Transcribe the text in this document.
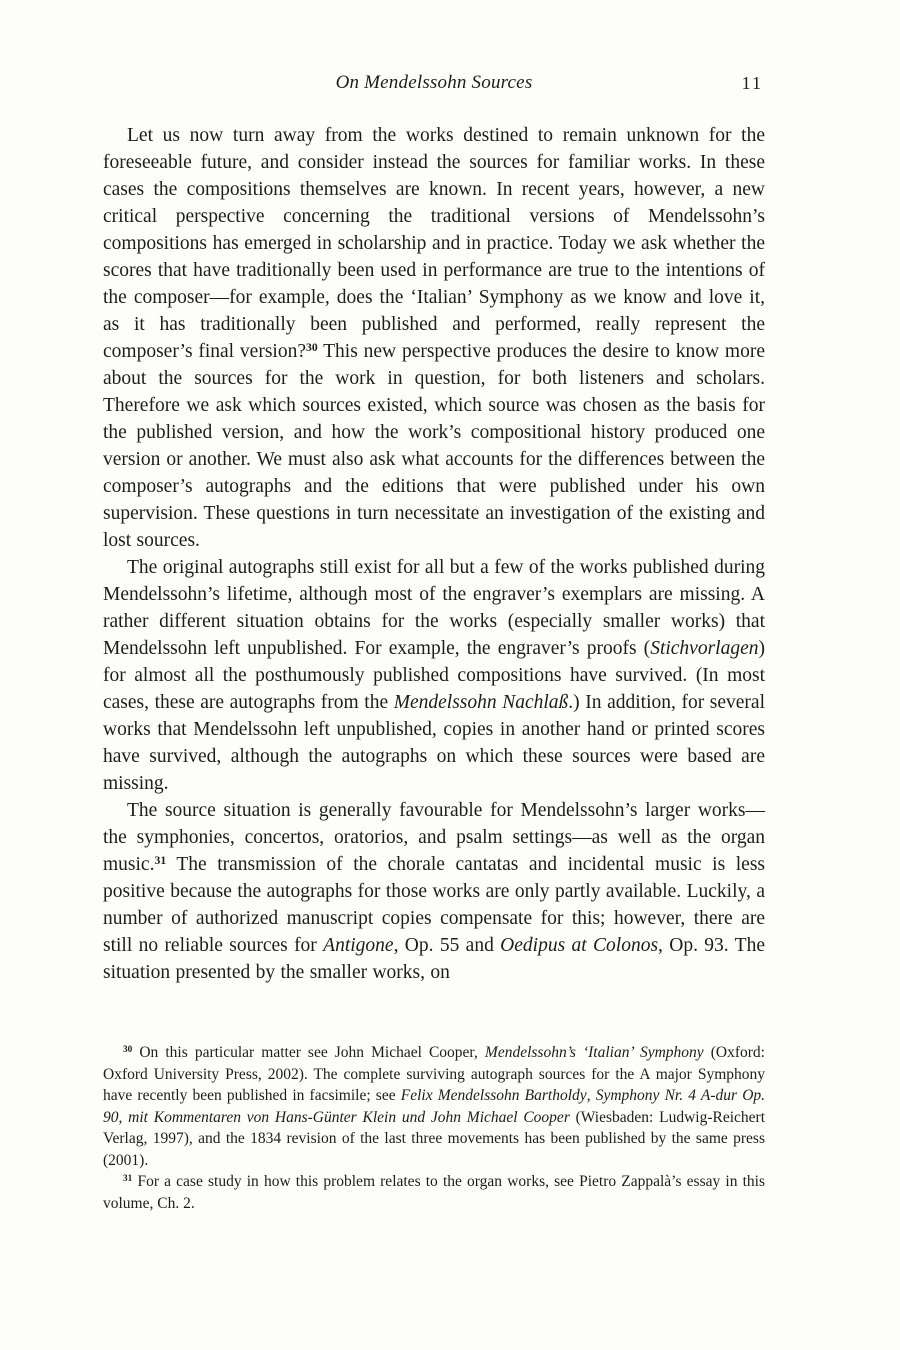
On Mendelssohn Sources	11

Let us now turn away from the works destined to remain unknown for the foreseeable future, and consider instead the sources for familiar works. In these cases the compositions themselves are known. In recent years, however, a new critical perspective concerning the traditional versions of Mendelssohn’s compositions has emerged in scholarship and in practice. Today we ask whether the scores that have traditionally been used in performance are true to the intentions of the composer—for example, does the ‘Italian’ Symphony as we know and love it, as it has traditionally been published and performed, really represent the composer’s final version?$^{30}$ This new perspective produces the desire to know more about the sources for the work in question, for both listeners and scholars. Therefore we ask which sources existed, which source was chosen as the basis for the published version, and how the work’s compositional history produced one version or another. We must also ask what accounts for the differences between the composer’s autographs and the editions that were published under his own supervision. These questions in turn necessitate an investigation of the existing and lost sources.

The original autographs still exist for all but a few of the works published during Mendelssohn’s lifetime, although most of the engraver’s exemplars are missing. A rather different situation obtains for the works (especially smaller works) that Mendelssohn left unpublished. For example, the engraver’s proofs (Stichvorlagen) for almost all the posthumously published compositions have survived. (In most cases, these are autographs from the Mendelssohn Nachlaß.) In addition, for several works that Mendelssohn left unpublished, copies in another hand or printed scores have survived, although the autographs on which these sources were based are missing.

The source situation is generally favourable for Mendelssohn’s larger works—the symphonies, concertos, oratorios, and psalm settings—as well as the organ music.$^{31}$ The transmission of the chorale cantatas and incidental music is less positive because the autographs for those works are only partly available. Luckily, a number of authorized manuscript copies compensate for this; however, there are still no reliable sources for Antigone, Op. 55 and Oedipus at Colonos, Op. 93. The situation presented by the smaller works, on

$^{30}$ On this particular matter see John Michael Cooper, Mendelssohn’s ‘Italian’ Symphony (Oxford: Oxford University Press, 2002). The complete surviving autograph sources for the A major Symphony have recently been published in facsimile; see Felix Mendelssohn Bartholdy, Symphony Nr. 4 A-dur Op. 90, mit Kommentaren von Hans-Günter Klein und John Michael Cooper (Wiesbaden: Ludwig-Reichert Verlag, 1997), and the 1834 revision of the last three movements has been published by the same press (2001).

$^{31}$ For a case study in how this problem relates to the organ works, see Pietro Zappalà’s essay in this volume, Ch. 2.
